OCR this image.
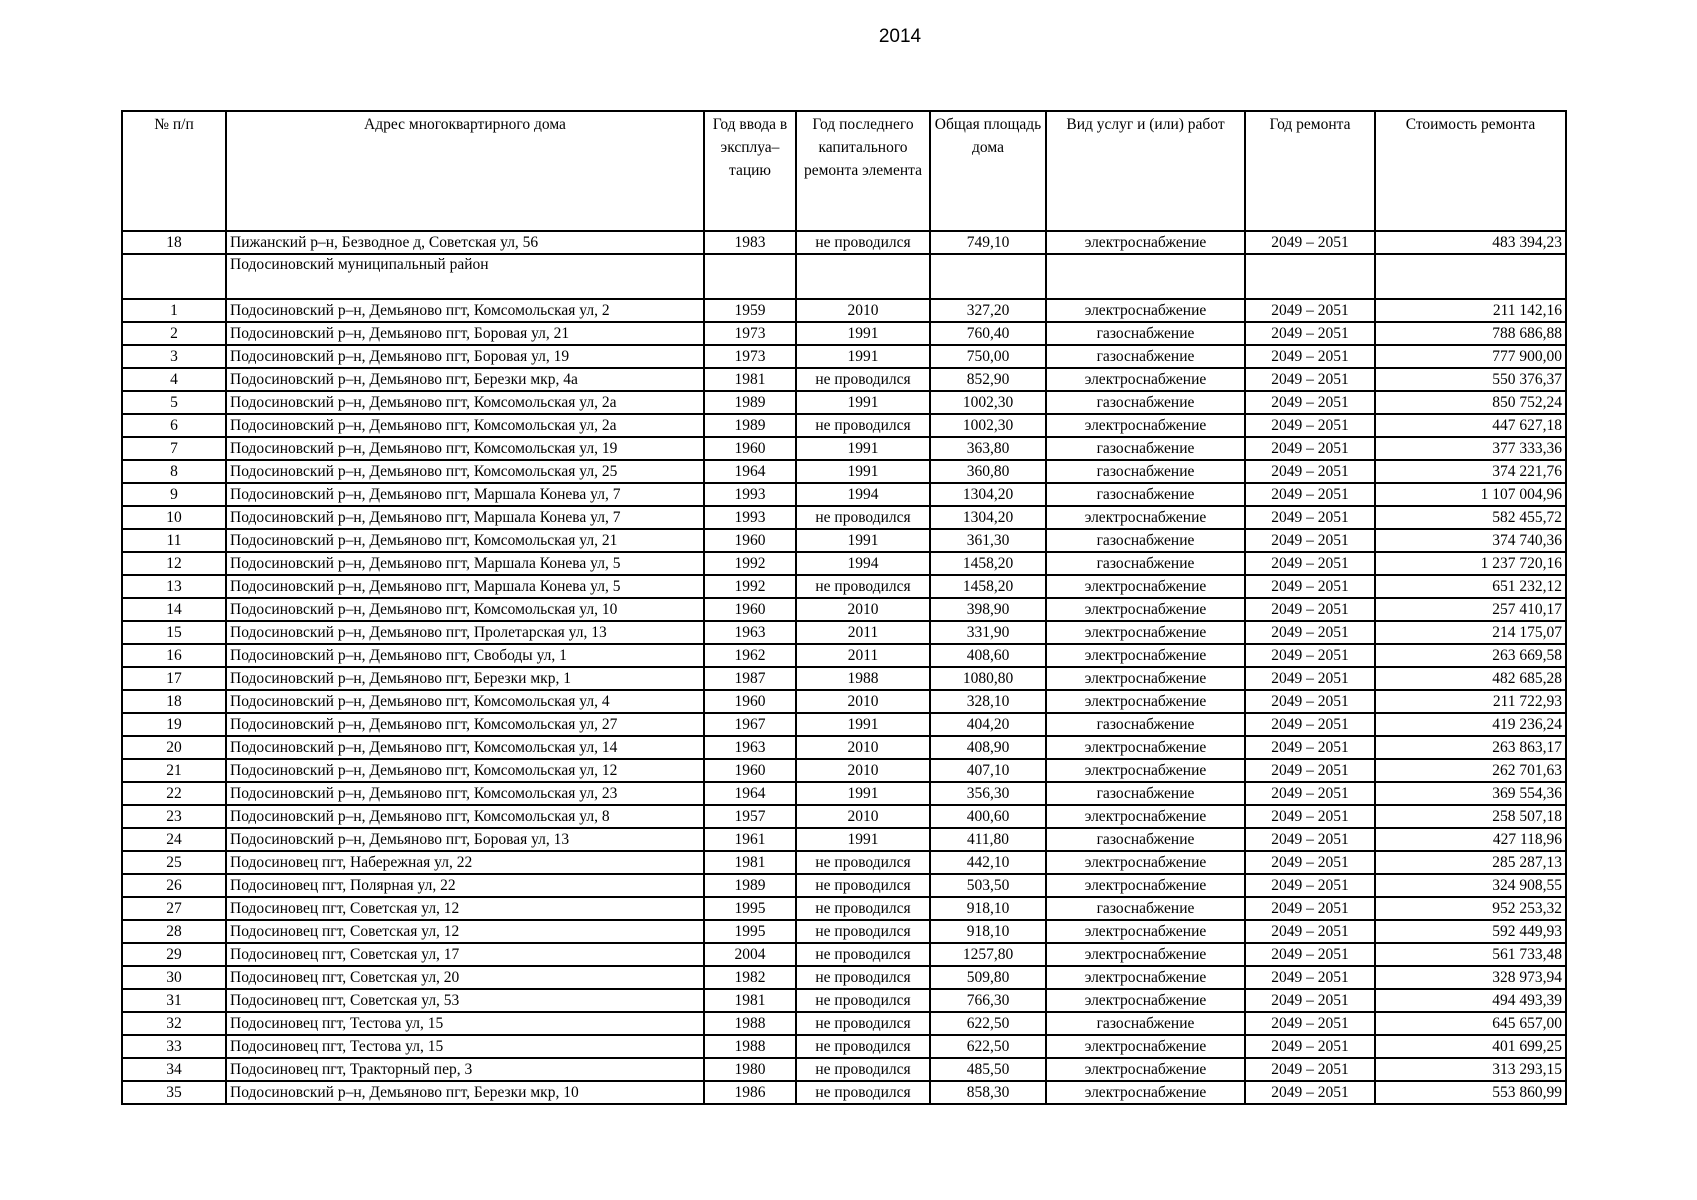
2014
№ п/п	Адрес многоквартирного дома	Год ввода в эксплуа–тацию	Год последнего капитального ремонта элемента	Общая площадь дома	Вид услуг и (или) работ	Год ремонта	Стоимость ремонта
18	Пижанский р–н, Безводное д, Советская ул, 56	1983	не проводился	749,10	электроснабжение	2049 – 2051	483 394,23
	Подосиновский муниципальный район						
1	Подосиновский р–н, Демьяново пгт, Комсомольская ул, 2	1959	2010	327,20	электроснабжение	2049 – 2051	211 142,16
2	Подосиновский р–н, Демьяново пгт, Боровая ул, 21	1973	1991	760,40	газоснабжение	2049 – 2051	788 686,88
3	Подосиновский р–н, Демьяново пгт, Боровая ул, 19	1973	1991	750,00	газоснабжение	2049 – 2051	777 900,00
4	Подосиновский р–н, Демьяново пгт, Березки мкр, 4а	1981	не проводился	852,90	электроснабжение	2049 – 2051	550 376,37
5	Подосиновский р–н, Демьяново пгт, Комсомольская ул, 2а	1989	1991	1002,30	газоснабжение	2049 – 2051	850 752,24
6	Подосиновский р–н, Демьяново пгт, Комсомольская ул, 2а	1989	не проводился	1002,30	электроснабжение	2049 – 2051	447 627,18
7	Подосиновский р–н, Демьяново пгт, Комсомольская ул, 19	1960	1991	363,80	газоснабжение	2049 – 2051	377 333,36
8	Подосиновский р–н, Демьяново пгт, Комсомольская ул, 25	1964	1991	360,80	газоснабжение	2049 – 2051	374 221,76
9	Подосиновский р–н, Демьяново пгт, Маршала Конева ул, 7	1993	1994	1304,20	газоснабжение	2049 – 2051	1 107 004,96
10	Подосиновский р–н, Демьяново пгт, Маршала Конева ул, 7	1993	не проводился	1304,20	электроснабжение	2049 – 2051	582 455,72
11	Подосиновский р–н, Демьяново пгт, Комсомольская ул, 21	1960	1991	361,30	газоснабжение	2049 – 2051	374 740,36
12	Подосиновский р–н, Демьяново пгт, Маршала Конева ул, 5	1992	1994	1458,20	газоснабжение	2049 – 2051	1 237 720,16
13	Подосиновский р–н, Демьяново пгт, Маршала Конева ул, 5	1992	не проводился	1458,20	электроснабжение	2049 – 2051	651 232,12
14	Подосиновский р–н, Демьяново пгт, Комсомольская ул, 10	1960	2010	398,90	электроснабжение	2049 – 2051	257 410,17
15	Подосиновский р–н, Демьяново пгт, Пролетарская ул, 13	1963	2011	331,90	электроснабжение	2049 – 2051	214 175,07
16	Подосиновский р–н, Демьяново пгт, Свободы ул, 1	1962	2011	408,60	электроснабжение	2049 – 2051	263 669,58
17	Подосиновский р–н, Демьяново пгт, Березки мкр, 1	1987	1988	1080,80	электроснабжение	2049 – 2051	482 685,28
18	Подосиновский р–н, Демьяново пгт, Комсомольская ул, 4	1960	2010	328,10	электроснабжение	2049 – 2051	211 722,93
19	Подосиновский р–н, Демьяново пгт, Комсомольская ул, 27	1967	1991	404,20	газоснабжение	2049 – 2051	419 236,24
20	Подосиновский р–н, Демьяново пгт, Комсомольская ул, 14	1963	2010	408,90	электроснабжение	2049 – 2051	263 863,17
21	Подосиновский р–н, Демьяново пгт, Комсомольская ул, 12	1960	2010	407,10	электроснабжение	2049 – 2051	262 701,63
22	Подосиновский р–н, Демьяново пгт, Комсомольская ул, 23	1964	1991	356,30	газоснабжение	2049 – 2051	369 554,36
23	Подосиновский р–н, Демьяново пгт, Комсомольская ул, 8	1957	2010	400,60	электроснабжение	2049 – 2051	258 507,18
24	Подосиновский р–н, Демьяново пгт, Боровая ул, 13	1961	1991	411,80	газоснабжение	2049 – 2051	427 118,96
25	Подосиновец пгт, Набережная ул, 22	1981	не проводился	442,10	электроснабжение	2049 – 2051	285 287,13
26	Подосиновец пгт, Полярная ул, 22	1989	не проводился	503,50	электроснабжение	2049 – 2051	324 908,55
27	Подосиновец пгт, Советская ул, 12	1995	не проводился	918,10	газоснабжение	2049 – 2051	952 253,32
28	Подосиновец пгт, Советская ул, 12	1995	не проводился	918,10	электроснабжение	2049 – 2051	592 449,93
29	Подосиновец пгт, Советская ул, 17	2004	не проводился	1257,80	электроснабжение	2049 – 2051	561 733,48
30	Подосиновец пгт, Советская ул, 20	1982	не проводился	509,80	электроснабжение	2049 – 2051	328 973,94
31	Подосиновец пгт, Советская ул, 53	1981	не проводился	766,30	электроснабжение	2049 – 2051	494 493,39
32	Подосиновец пгт, Тестова ул, 15	1988	не проводился	622,50	газоснабжение	2049 – 2051	645 657,00
33	Подосиновец пгт, Тестова ул, 15	1988	не проводился	622,50	электроснабжение	2049 – 2051	401 699,25
34	Подосиновец пгт, Тракторный пер, 3	1980	не проводился	485,50	электроснабжение	2049 – 2051	313 293,15
35	Подосиновский р–н, Демьяново пгт, Березки мкр, 10	1986	не проводился	858,30	электроснабжение	2049 – 2051	553 860,99
